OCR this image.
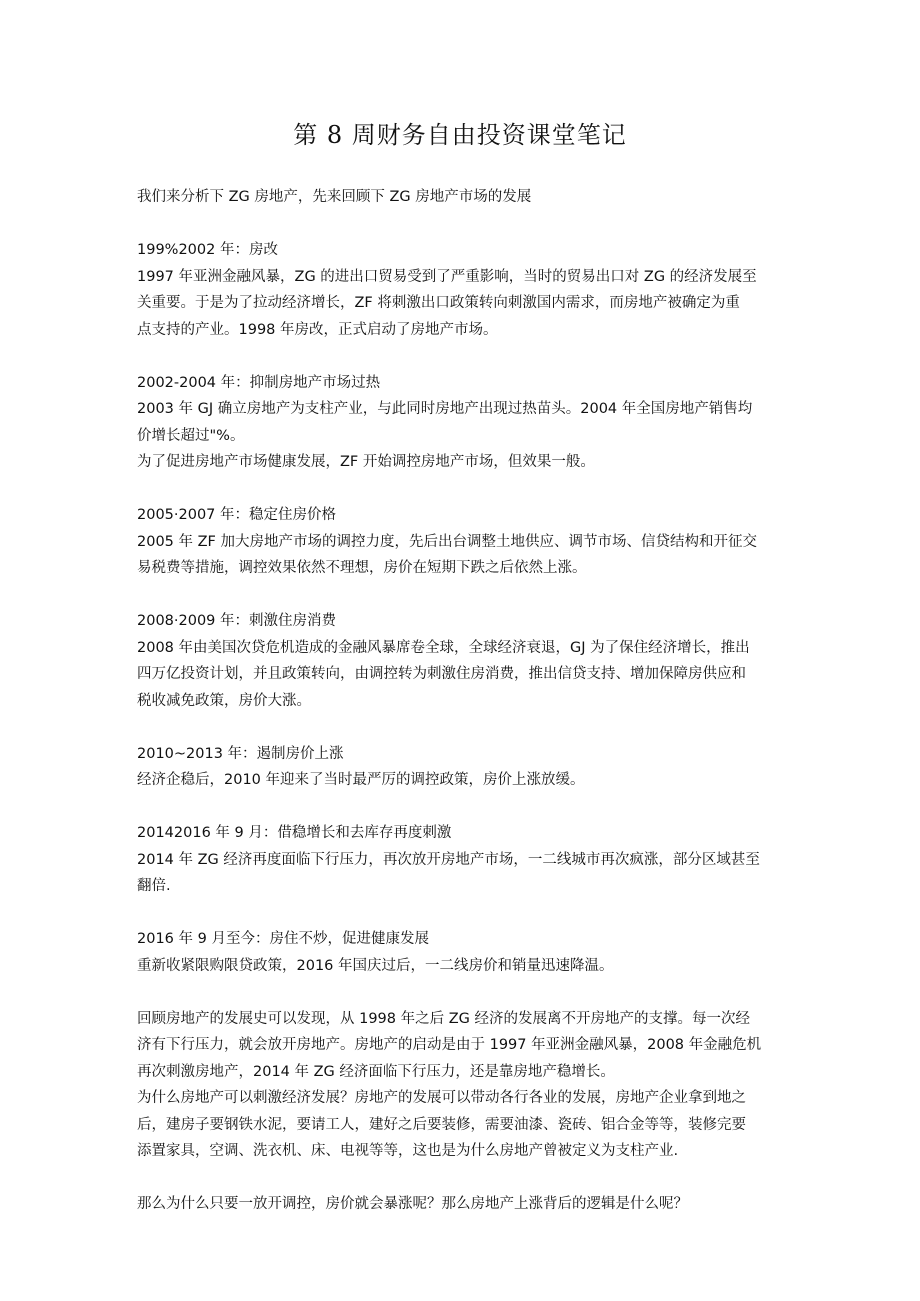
第 8 周财务自由投资课堂笔记

我们来分析下 ZG 房地产，先来回顾下 ZG 房地产市场的发展

199%2002 年：房改

1997 年亚洲金融风暴，ZG 的进出口贸易受到了严重影响，当时的贸易出口对 ZG 的经济发展至

关重要。于是为了拉动经济增长，ZF 将刺激出口政策转向刺激国内需求，而房地产被确定为重

点支持的产业。1998 年房改，正式启动了房地产市场。

2002-2004 年：抑制房地产市场过热

2003 年 GJ 确立房地产为支柱产业，与此同时房地产出现过热苗头。2004 年全国房地产销售均

价增长超过"%。

为了促进房地产市场健康发展，ZF 开始调控房地产市场，但效果一般。

2005·2007 年：稳定住房价格

2005 年 ZF 加大房地产市场的调控力度，先后出台调整土地供应、调节市场、信贷结构和开征交

易税费等措施，调控效果依然不理想，房价在短期下跌之后依然上涨。

2008·2009 年：刺激住房消费

2008 年由美国次贷危机造成的金融风暴席卷全球，全球经济衰退，GJ 为了保住经济增长，推出

四万亿投资计划，并且政策转向，由调控转为刺激住房消费，推出信贷支持、增加保障房供应和

税收减免政策，房价大涨。

2010~2013 年：遏制房价上涨

经济企稳后，2010 年迎来了当时最严厉的调控政策，房价上涨放缓。

20142016 年 9 月：借稳增长和去库存再度刺激

2014 年 ZG 经济再度面临下行压力，再次放开房地产市场，一二线城市再次疯涨，部分区域甚至

翻倍.

2016 年 9 月至今：房住不炒，促进健康发展

重新收紧限购限贷政策，2016 年国庆过后，一二线房价和销量迅速降温。

回顾房地产的发展史可以发现，从 1998 年之后 ZG 经济的发展离不开房地产的支撑。每一次经

济有下行压力，就会放开房地产。房地产的启动是由于 1997 年亚洲金融风暴，2008 年金融危机

再次刺激房地产，2014 年 ZG 经济面临下行压力，还是靠房地产稳增长。

为什么房地产可以刺激经济发展？房地产的发展可以带动各行各业的发展，房地产企业拿到地之

后，建房子要钢铁水泥，要请工人，建好之后要装修，需要油漆、瓷砖、铝合金等等，装修完要

添置家具，空调、洗衣机、床、电视等等，这也是为什么房地产曾被定义为支柱产业.

那么为什么只要一放开调控，房价就会暴涨呢？那么房地产上涨背后的逻辑是什么呢？
